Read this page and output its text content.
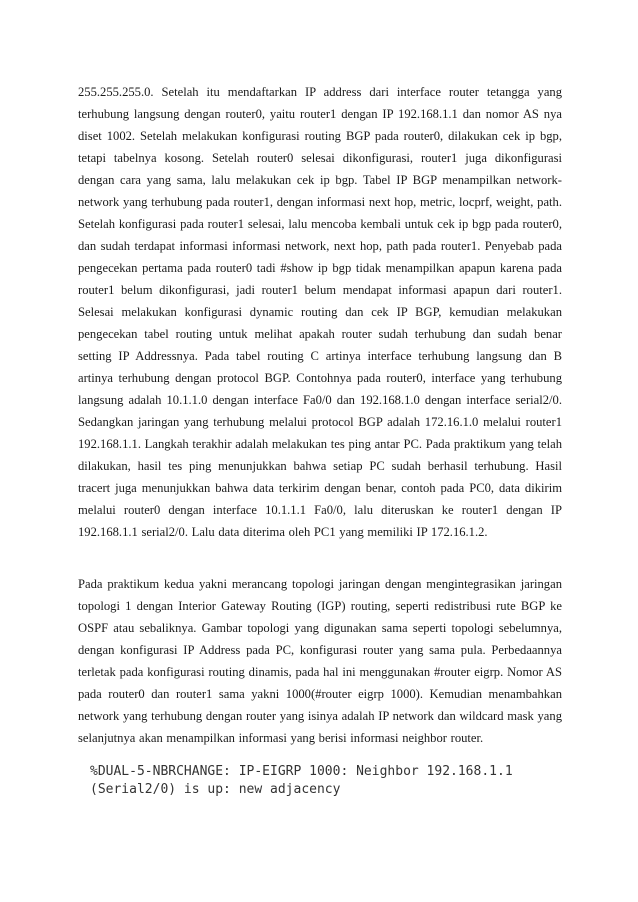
255.255.255.0. Setelah itu mendaftarkan IP address dari interface router tetangga yang terhubung langsung dengan router0, yaitu router1 dengan IP 192.168.1.1 dan nomor AS nya diset 1002. Setelah melakukan konfigurasi routing BGP pada router0, dilakukan cek ip bgp, tetapi tabelnya kosong. Setelah router0 selesai dikonfigurasi, router1 juga dikonfigurasi dengan cara yang sama, lalu melakukan cek ip bgp. Tabel IP BGP menampilkan network-network yang terhubung pada router1, dengan informasi next hop, metric, locprf, weight, path. Setelah konfigurasi pada router1 selesai, lalu mencoba kembali untuk cek ip bgp pada router0, dan sudah terdapat informasi informasi network, next hop, path pada router1. Penyebab pada pengecekan pertama pada router0 tadi #show ip bgp tidak menampilkan apapun karena pada router1 belum dikonfigurasi, jadi router1 belum mendapat informasi apapun dari router1. Selesai melakukan konfigurasi dynamic routing dan cek IP BGP, kemudian melakukan pengecekan tabel routing untuk melihat apakah router sudah terhubung dan sudah benar setting IP Addressnya. Pada tabel routing C artinya interface terhubung langsung dan B artinya terhubung dengan protocol BGP. Contohnya pada router0, interface yang terhubung langsung adalah 10.1.1.0 dengan interface Fa0/0 dan 192.168.1.0 dengan interface serial2/0. Sedangkan jaringan yang terhubung melalui protocol BGP adalah 172.16.1.0 melalui router1 192.168.1.1. Langkah terakhir adalah melakukan tes ping antar PC. Pada praktikum yang telah dilakukan, hasil tes ping menunjukkan bahwa setiap PC sudah berhasil terhubung. Hasil tracert juga menunjukkan bahwa data terkirim dengan benar, contoh pada PC0, data dikirim melalui router0 dengan interface 10.1.1.1 Fa0/0, lalu diteruskan ke router1 dengan IP 192.168.1.1 serial2/0. Lalu data diterima oleh PC1 yang memiliki IP 172.16.1.2.

Pada praktikum kedua yakni merancang topologi jaringan dengan mengintegrasikan jaringan topologi 1 dengan Interior Gateway Routing (IGP) routing, seperti redistribusi rute BGP ke OSPF atau sebaliknya. Gambar topologi yang digunakan sama seperti topologi sebelumnya, dengan konfigurasi IP Address pada PC, konfigurasi router yang sama pula. Perbedaannya terletak pada konfigurasi routing dinamis, pada hal ini menggunakan #router eigrp. Nomor AS pada router0 dan router1 sama yakni 1000(#router eigrp 1000). Kemudian menambahkan network yang terhubung dengan router yang isinya adalah IP network dan wildcard mask yang selanjutnya akan menampilkan informasi yang berisi informasi neighbor router.

%DUAL-5-NBRCHANGE: IP-EIGRP 1000: Neighbor 192.168.1.1
(Serial2/0) is up: new adjacency
